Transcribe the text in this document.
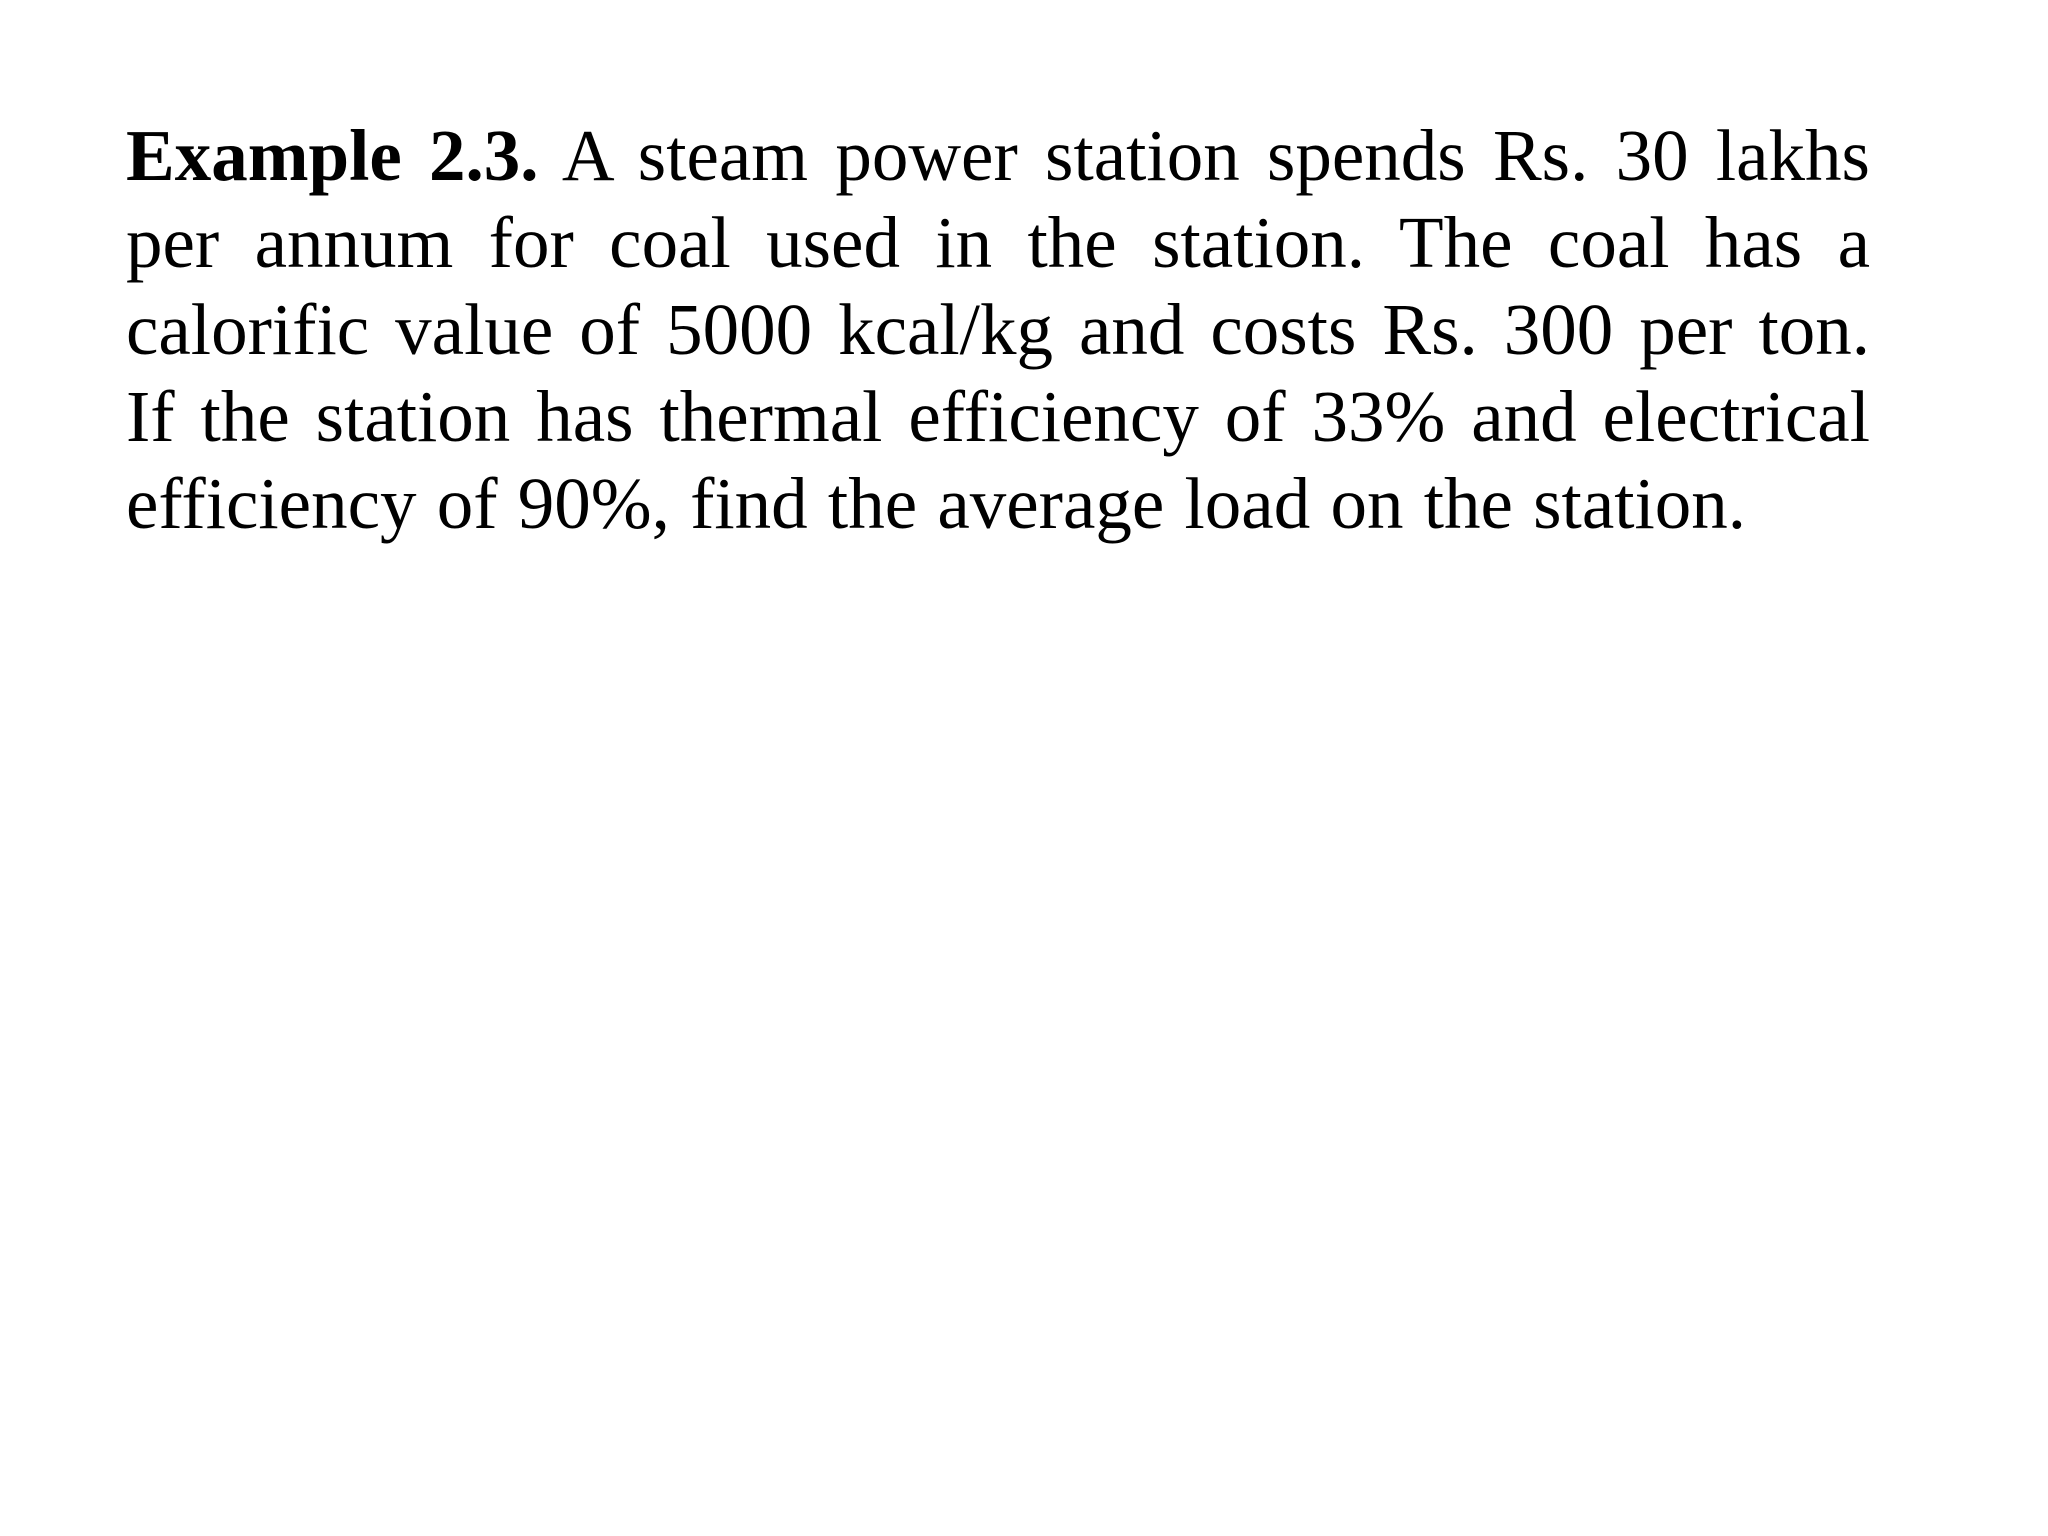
Example 2.3. A steam power station spends Rs. 30 lakhs per annum for coal used in the station. The coal has a calorific value of 5000 kcal/kg and costs Rs. 300 per ton. If the station has thermal efficiency of 33% and electrical efficiency of 90%, find the average load on the station.
